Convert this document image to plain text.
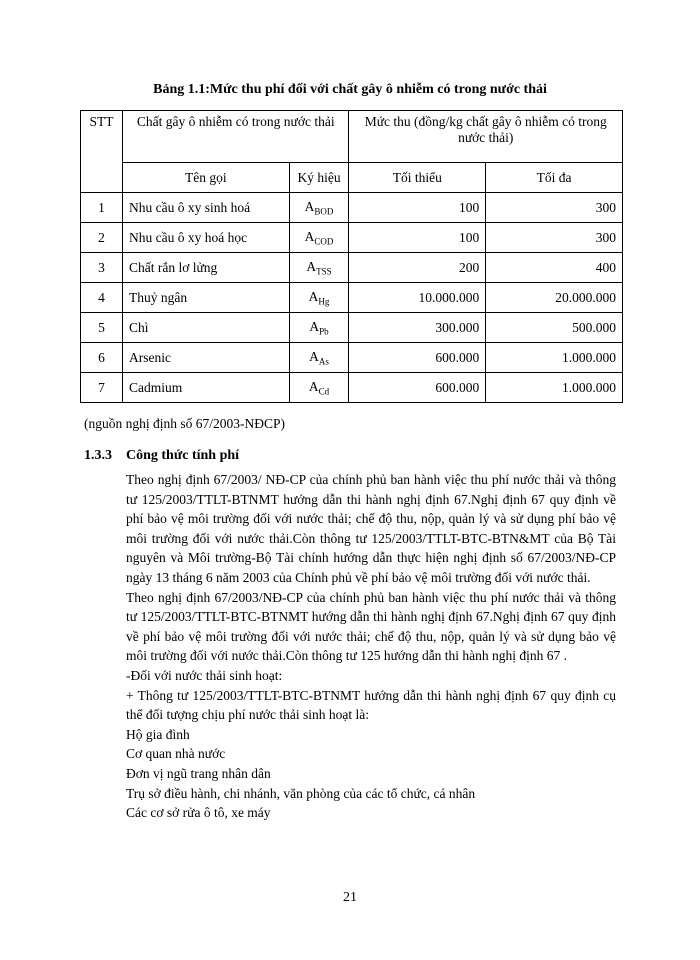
Bảng 1.1:Mức thu phí đối với chất gây ô nhiễm có trong nước thải
STT	Chất gây ô nhiễm có trong nước thải		Mức thu (đồng/kg chất gây ô nhiễm có trong nước thải)	
	Tên gọi	Ký hiệu	Tối thiểu	Tối đa
1	Nhu cầu ô xy sinh hoá	$A_{BOD}$	100	300
2	Nhu cầu ô xy hoá học	$A_{COD}$	100	300
3	Chất rắn lơ lửng	$A_{TSS}$	200	400
4	Thuỷ ngân	$A_{Hg}$	10.000.000	20.000.000
5	Chì	$A_{Pb}$	300.000	500.000
6	Arsenic	$A_{As}$	600.000	1.000.000
7	Cadmium	$A_{Cd}$	600.000	1.000.000
(nguồn nghị định số 67/2003-NĐCP)
1.3.3 Công thức tính phí

Theo nghị định 67/2003/ NĐ-CP của chính phủ ban hành việc thu phí nước thải và thông tư 125/2003/TTLT-BTNMT hướng dẫn thi hành nghị định 67.Nghị định 67 quy định về phí bảo vệ môi trường đối với nước thải; chế độ thu, nộp, quản lý và sử dụng phí bảo vệ môi trường đối với nước thải.Còn thông tư 125/2003/TTLT-BTC-BTN&MT của Bộ Tài nguyên và Môi trường-Bộ Tài chính hướng dẫn thực hiện nghị định số 67/2003/NĐ-CP ngày 13 tháng 6 năm 2003 của Chính phủ về phí bảo vệ môi trường đối với nước thải.

Theo nghị định 67/2003/NĐ-CP của chính phủ ban hành việc thu phí nước thải và thông tư 125/2003/TTLT-BTC-BTNMT hướng dẫn thi hành nghị định 67.Nghị định 67 quy định về phí bảo vệ môi trường đối với nước thải; chế độ thu, nộp, quản lý và sử dụng bảo vệ môi trường đối với nước thải.Còn thông tư 125 hướng dẫn thi hành nghị định 67 .

-Đối với nước thải sinh hoạt:

+ Thông tư 125/2003/TTLT-BTC-BTNMT hướng dẫn thi hành nghị định 67 quy định cụ thể đối tượng chịu phí nước thải sinh hoạt là:

Hộ gia đình
Cơ quan nhà nước
Đơn vị ngũ trang nhân dân
Trụ sở điều hành, chi nhánh, văn phòng của các tổ chức, cá nhân
Các cơ sở rửa ô tô, xe máy
21
